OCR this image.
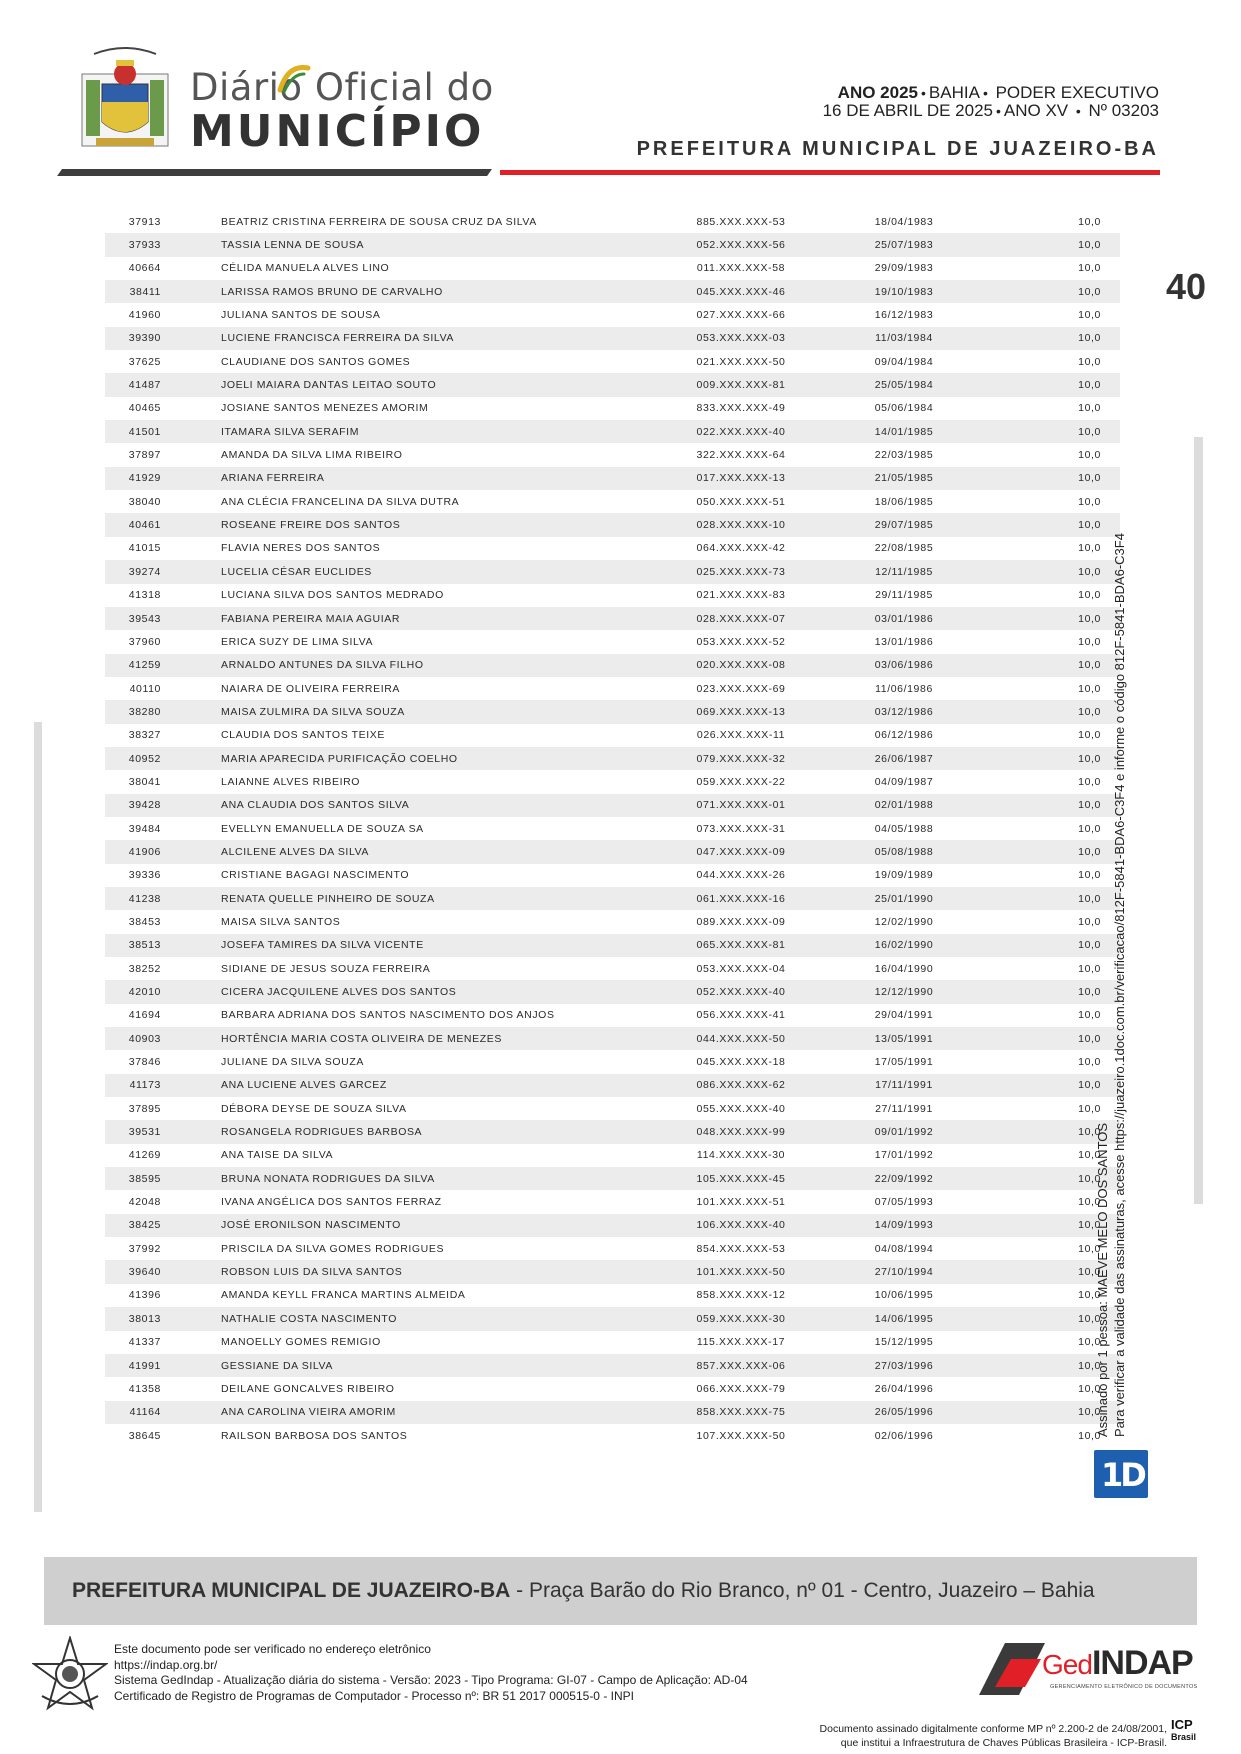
Diário Oficial do
MUNICÍPIO
ANO 2025 • BAHIA • PODER EXECUTIVO
16 DE ABRIL DE 2025 • ANO XV • Nº 03203
PREFEITURA MUNICIPAL DE JUAZEIRO-BA
40
37913	BEATRIZ CRISTINA FERREIRA DE SOUSA CRUZ DA SILVA	885.XXX.XXX-53	18/04/1983	10,0
37933	TASSIA LENNA DE SOUSA	052.XXX.XXX-56	25/07/1983	10,0
40664	CÉLIDA MANUELA ALVES LINO	011.XXX.XXX-58	29/09/1983	10,0
38411	LARISSA RAMOS BRUNO DE CARVALHO	045.XXX.XXX-46	19/10/1983	10,0
41960	JULIANA SANTOS DE SOUSA	027.XXX.XXX-66	16/12/1983	10,0
39390	LUCIENE FRANCISCA FERREIRA DA SILVA	053.XXX.XXX-03	11/03/1984	10,0
37625	CLAUDIANE DOS SANTOS GOMES	021.XXX.XXX-50	09/04/1984	10,0
41487	JOELI MAIARA DANTAS LEITAO SOUTO	009.XXX.XXX-81	25/05/1984	10,0
40465	JOSIANE SANTOS MENEZES AMORIM	833.XXX.XXX-49	05/06/1984	10,0
41501	ITAMARA SILVA SERAFIM	022.XXX.XXX-40	14/01/1985	10,0
37897	AMANDA DA SILVA LIMA RIBEIRO	322.XXX.XXX-64	22/03/1985	10,0
41929	ARIANA FERREIRA	017.XXX.XXX-13	21/05/1985	10,0
38040	ANA CLÉCIA FRANCELINA DA SILVA DUTRA	050.XXX.XXX-51	18/06/1985	10,0
40461	ROSEANE FREIRE DOS SANTOS	028.XXX.XXX-10	29/07/1985	10,0
41015	FLAVIA NERES DOS SANTOS	064.XXX.XXX-42	22/08/1985	10,0
39274	LUCELIA CÉSAR EUCLIDES	025.XXX.XXX-73	12/11/1985	10,0
41318	LUCIANA SILVA DOS SANTOS MEDRADO	021.XXX.XXX-83	29/11/1985	10,0
39543	FABIANA PEREIRA MAIA AGUIAR	028.XXX.XXX-07	03/01/1986	10,0
37960	ERICA SUZY DE LIMA SILVA	053.XXX.XXX-52	13/01/1986	10,0
41259	ARNALDO ANTUNES DA SILVA FILHO	020.XXX.XXX-08	03/06/1986	10,0
40110	NAIARA DE OLIVEIRA FERREIRA	023.XXX.XXX-69	11/06/1986	10,0
38280	MAISA ZULMIRA DA SILVA SOUZA	069.XXX.XXX-13	03/12/1986	10,0
38327	CLAUDIA DOS SANTOS TEIXE	026.XXX.XXX-11	06/12/1986	10,0
40952	MARIA APARECIDA PURIFICAÇÃO COELHO	079.XXX.XXX-32	26/06/1987	10,0
38041	LAIANNE ALVES RIBEIRO	059.XXX.XXX-22	04/09/1987	10,0
39428	ANA CLAUDIA DOS SANTOS SILVA	071.XXX.XXX-01	02/01/1988	10,0
39484	EVELLYN EMANUELLA DE SOUZA SA	073.XXX.XXX-31	04/05/1988	10,0
41906	ALCILENE ALVES DA SILVA	047.XXX.XXX-09	05/08/1988	10,0
39336	CRISTIANE BAGAGI NASCIMENTO	044.XXX.XXX-26	19/09/1989	10,0
41238	RENATA QUELLE PINHEIRO DE SOUZA	061.XXX.XXX-16	25/01/1990	10,0
38453	MAISA SILVA SANTOS	089.XXX.XXX-09	12/02/1990	10,0
38513	JOSEFA TAMIRES DA SILVA VICENTE	065.XXX.XXX-81	16/02/1990	10,0
38252	SIDIANE DE JESUS SOUZA FERREIRA	053.XXX.XXX-04	16/04/1990	10,0
42010	CICERA JACQUILENE ALVES DOS SANTOS	052.XXX.XXX-40	12/12/1990	10,0
41694	BARBARA ADRIANA DOS SANTOS NASCIMENTO DOS ANJOS	056.XXX.XXX-41	29/04/1991	10,0
40903	HORTÊNCIA MARIA COSTA OLIVEIRA DE MENEZES	044.XXX.XXX-50	13/05/1991	10,0
37846	JULIANE DA SILVA SOUZA	045.XXX.XXX-18	17/05/1991	10,0
41173	ANA LUCIENE ALVES GARCEZ	086.XXX.XXX-62	17/11/1991	10,0
37895	DÉBORA DEYSE DE SOUZA SILVA	055.XXX.XXX-40	27/11/1991	10,0
39531	ROSANGELA RODRIGUES BARBOSA	048.XXX.XXX-99	09/01/1992	10,0
41269	ANA TAISE DA SILVA	114.XXX.XXX-30	17/01/1992	10,0
38595	BRUNA NONATA RODRIGUES DA SILVA	105.XXX.XXX-45	22/09/1992	10,0
42048	IVANA ANGÉLICA DOS SANTOS FERRAZ	101.XXX.XXX-51	07/05/1993	10,0
38425	JOSÉ ERONILSON NASCIMENTO	106.XXX.XXX-40	14/09/1993	10,0
37992	PRISCILA DA SILVA GOMES RODRIGUES	854.XXX.XXX-53	04/08/1994	10,0
39640	ROBSON LUIS DA SILVA SANTOS	101.XXX.XXX-50	27/10/1994	10,0
41396	AMANDA KEYLL FRANCA MARTINS ALMEIDA	858.XXX.XXX-12	10/06/1995	10,0
38013	NATHALIE COSTA NASCIMENTO	059.XXX.XXX-30	14/06/1995	10,0
41337	MANOELLY GOMES REMIGIO	115.XXX.XXX-17	15/12/1995	10,0
41991	GESSIANE DA SILVA	857.XXX.XXX-06	27/03/1996	10,0
41358	DEILANE GONCALVES RIBEIRO	066.XXX.XXX-79	26/04/1996	10,0
41164	ANA CAROLINA VIEIRA AMORIM	858.XXX.XXX-75	26/05/1996	10,0
38645	RAILSON BARBOSA DOS SANTOS	107.XXX.XXX-50	02/06/1996	10,0
Assinado por 1 pessoa: MAEVE MELO DOS SANTOS Para verificar a validade das assinaturas, acesse https://juazeiro.1doc.com.br/verificacao/812F-5841-BDA6-C3F4 e informe o código 812F-5841-BDA6-C3F4
1D
PREFEITURA MUNICIPAL DE JUAZEIRO-BA - Praça Barão do Rio Branco, nº 01 - Centro, Juazeiro – Bahia
Este documento pode ser verificado no endereço eletrônico
https://indap.org.br/
Sistema GedIndap - Atualização diária do sistema - Versão: 2023 - Tipo Programa: GI-07 - Campo de Aplicação: AD-04
Certificado de Registro de Programas de Computador - Processo nº: BR 51 2017 000515-0 - INPI
GedINDAP
GERENCIAMENTO ELETRÔNICO DE DOCUMENTOS
Documento assinado digitalmente conforme MP nº 2.200-2 de 24/08/2001,
que institui a Infraestrutura de Chaves Públicas Brasileira - ICP-Brasil.
ICP
Brasil
